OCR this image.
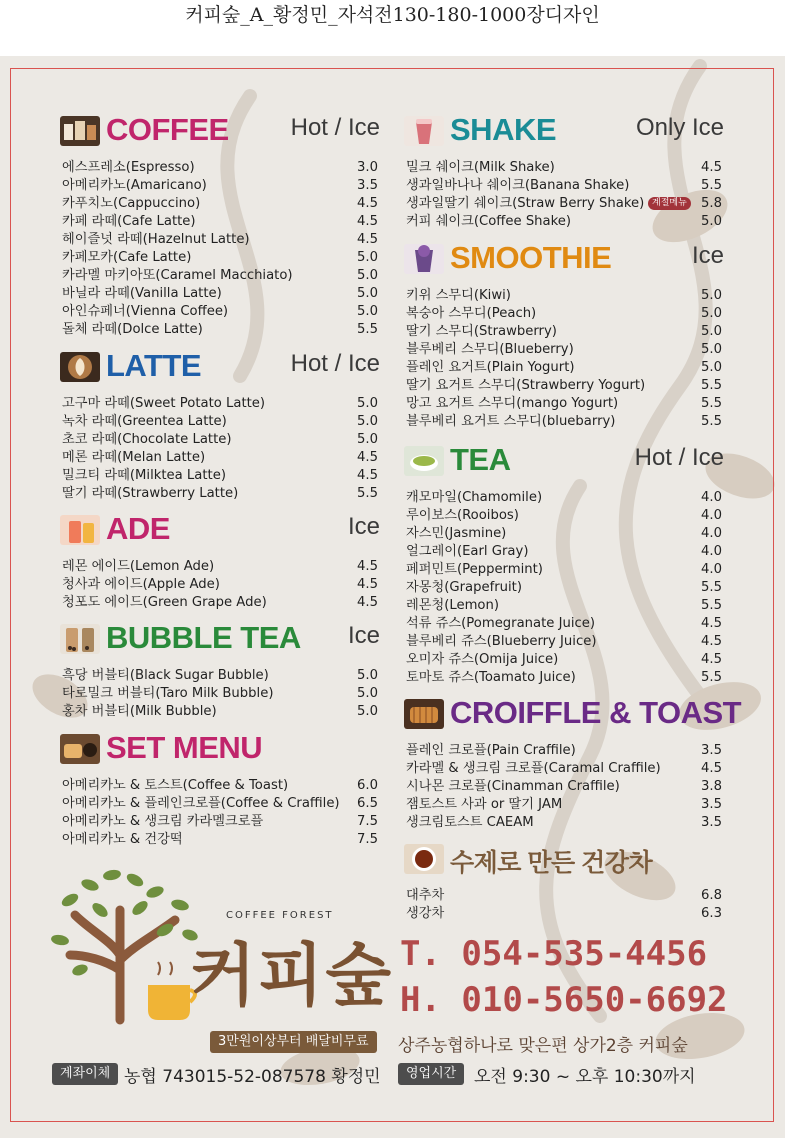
커피숲_A_황정민_자석전130-180-1000장디자인
COFFEE	Hot / Ice
에스프레소(Espresso)	3.0
아메리카노(Amaricano)	3.5
카푸치노(Cappuccino)	4.5
카페 라떼(Cafe Latte)	4.5
헤이즐넛 라떼(Hazelnut Latte)	4.5
카페모카(Cafe Latte)	5.0
카라멜 마키아또(Caramel Macchiato)	5.0
바닐라 라떼(Vanilla Latte)	5.0
아인슈페너(Vienna Coffee)	5.0
돌체 라떼(Dolce Latte)	5.5
LATTE	Hot / Ice
고구마 라떼(Sweet Potato Latte)	5.0
녹차 라떼(Greentea Latte)	5.0
초코 라떼(Chocolate Latte)	5.0
메론 라떼(Melan Latte)	4.5
밀크티 라떼(Milktea Latte)	4.5
딸기 라떼(Strawberry Latte)	5.5
ADE	Ice
레몬 에이드(Lemon Ade)	4.5
청사과 에이드(Apple Ade)	4.5
청포도 에이드(Green Grape Ade)	4.5
BUBBLE TEA Ice
흑당 버블티(Black Sugar Bubble)	5.0
타로밀크 버블티(Taro Milk Bubble)	5.0
홍차 버블티(Milk Bubble)	5.0
SET MENU
아메리카노 & 토스트(Coffee & Toast)	6.0
아메리카노 & 플레인크로플(Coffee & Craffile) 6.5
아메리카노 & 생크림 카라멜크로플	7.5
아메리카노 & 건강떡	7.5
SHAKE	Only Ice
밀크 쉐이크(Milk Shake)	4.5
생과일바나나 쉐이크(Banana Shake)	5.5
생과일딸기 쉐이크(Straw Berry Shake) 계절메뉴	5.8
커피 쉐이크(Coffee Shake)	5.0
SMOOTHIE	Ice
키위 스무디(Kiwi)	5.0
복숭아 스무디(Peach)	5.0
딸기 스무디(Strawberry)	5.0
블루베리 스무디(Blueberry)	5.0
플레인 요거트(Plain Yogurt)	5.0
딸기 요거트 스무디(Strawberry Yogurt)	5.5
망고 요거트 스무디(mango Yogurt)	5.5
블루베리 요거트 스무디(bluebarry)	5.5
TEA	Hot / Ice
캐모마일(Chamomile)	4.0
루이보스(Rooibos)	4.0
자스민(Jasmine)	4.0
얼그레이(Earl Gray)	4.0
페퍼민트(Peppermint)	4.0
자몽청(Grapefruit)	5.5
레몬청(Lemon)	5.5
석류 쥬스(Pomegranate Juice)	4.5
블루베리 쥬스(Blueberry Juice)	4.5
오미자 쥬스(Omija Juice)	4.5
토마토 쥬스(Toamato Juice)	5.5
CROIFFLE & TOAST
플레인 크로플(Pain Craffile)	3.5
카라멜 & 생크림 크로플(Caramal Craffile)	4.5
시나몬 크로플(Cinamman Craffile)	3.8
잼토스트 사과 or 딸기 JAM	3.5
생크림토스트 CAEAM	3.5
수제로 만든 건강차
대추차	6.8
생강차	6.3
COFFEE FOREST
커피숲 T. 054-535-4456
H. 010-5650-6692
3만원이상부터 배달비무료	상주농협하나로 맞은편 상가2층 커피숲
계좌이체 농협 743015-52-087578 황정민	영업시간	오전 9:30 ~ 오후 10:30까지
